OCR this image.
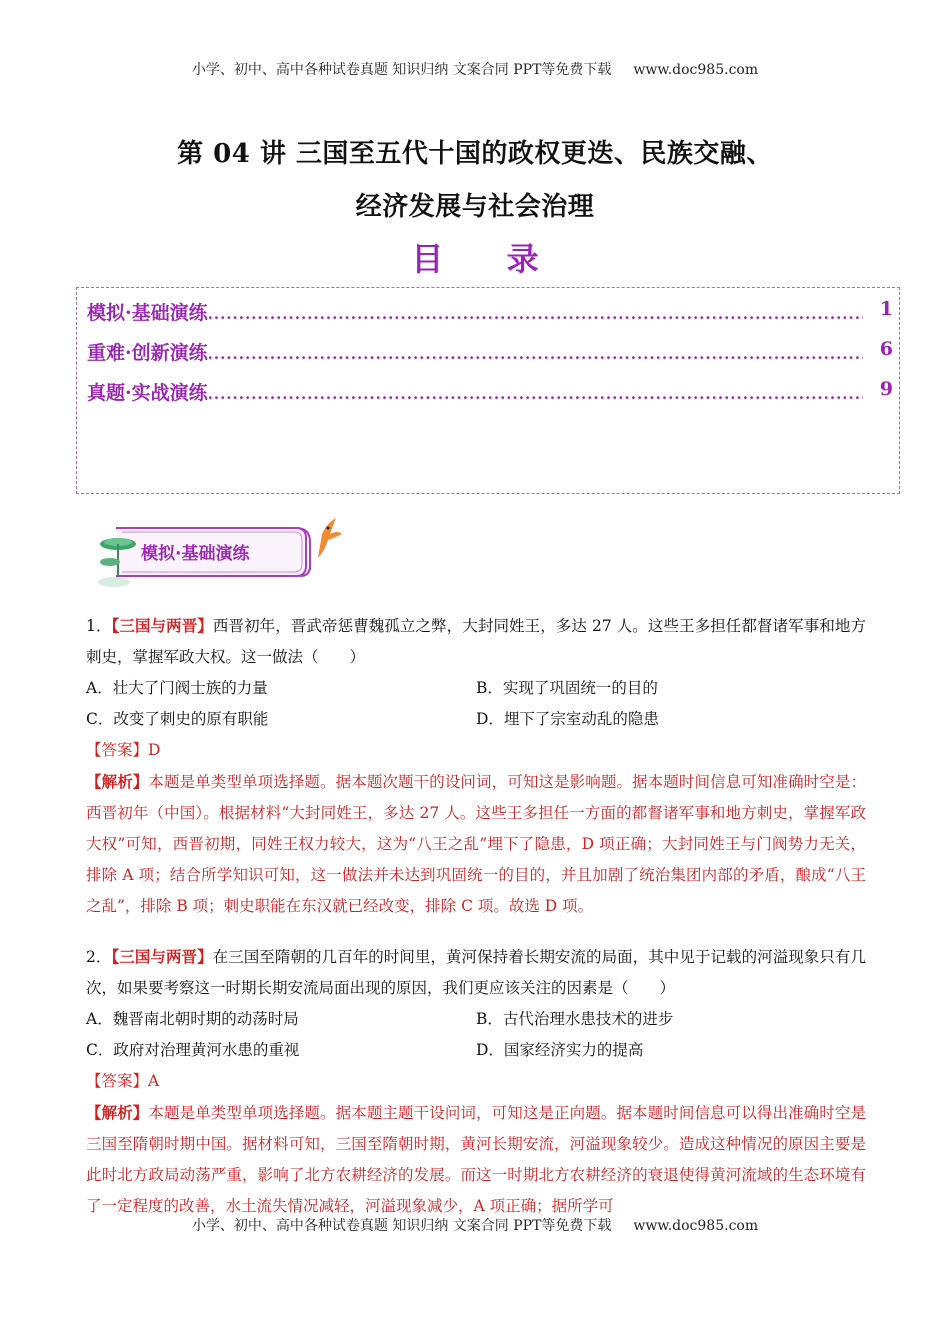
小学、初中、高中各种试卷真题 知识归纳 文案合同 PPT等免费下载 www.doc985.com
第 04 讲 三国至五代十国的政权更迭、民族交融、
经济发展与社会治理
目 录
模拟·基础演练 .....	1
重难·创新演练 .....	6
真题·实战演练 .....	9
模拟·基础演练
1．【三国与两晋】西晋初年，晋武帝惩曹魏孤立之弊，大封同姓王，多达 27 人。这些王多担任都督诸军事和地方刺史，掌握军政大权。这一做法（　　）
A．壮大了门阀士族的力量	B．实现了巩固统一的目的
C．改变了刺史的原有职能	D．埋下了宗室动乱的隐患
【答案】D
【解析】本题是单类型单项选择题。据本题次题干的设问词，可知这是影响题。据本题时间信息可知准确时空是：西晋初年（中国）。根据材料“大封同姓王，多达 27 人。这些王多担任一方面的都督诸军事和地方刺史，掌握军政大权”可知，西晋初期，同姓王权力较大，这为“八王之乱”埋下了隐患，D 项正确；大封同姓王与门阀势力无关，排除 A 项；结合所学知识可知，这一做法并未达到巩固统一的目的，并且加剧了统治集团内部的矛盾，酿成“八王之乱”，排除 B 项；刺史职能在东汉就已经改变，排除 C 项。故选 D 项。
2．【三国与两晋】在三国至隋朝的几百年的时间里，黄河保持着长期安流的局面，其中见于记载的河溢现象只有几次，如果要考察这一时期长期安流局面出现的原因，我们更应该关注的因素是（　　）
A．魏晋南北朝时期的动荡时局	B．古代治理水患技术的进步
C．政府对治理黄河水患的重视	D．国家经济实力的提高
【答案】A
【解析】本题是单类型单项选择题。据本题主题干设问词，可知这是正向题。据本题时间信息可以得出准确时空是三国至隋朝时期中国。据材料可知，三国至隋朝时期，黄河长期安流，河溢现象较少。造成这种情况的原因主要是此时北方政局动荡严重，影响了北方农耕经济的发展。而这一时期北方农耕经济的衰退使得黄河流域的生态环境有了一定程度的改善，水土流失情况减轻，河溢现象减少，A 项正确；据所学可
小学、初中、高中各种试卷真题 知识归纳 文案合同 PPT等免费下载 www.doc985.com
